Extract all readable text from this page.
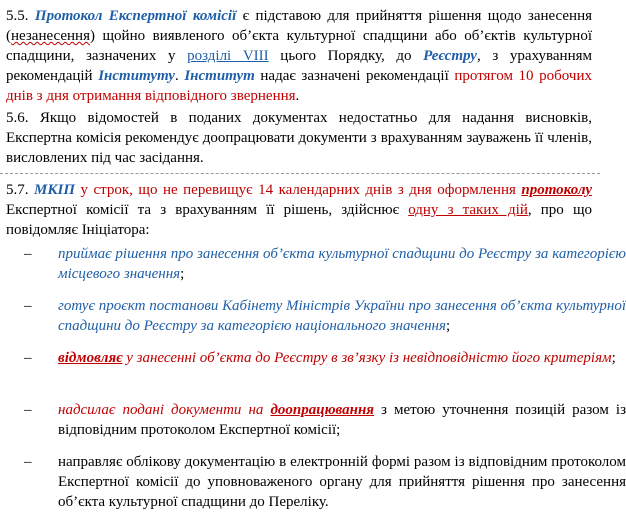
5.5. Протокол Експертної комісії є підставою для прийняття рішення щодо занесення (незанесення) щойно виявленого об’єкта культурної спадщини або об’єктів культурної спадщини, зазначених у розділі VIII цього Порядку, до Реєстру, з урахуванням рекомендацій Інституту. Інститут надає зазначені рекомендації протягом 10 робочих днів з дня отримання відповідного звернення.

5.6. Якщо відомостей в поданих документах недостатньо для надання висновків, Експертна комісія рекомендує доопрацювати документи з врахуванням зауважень її членів, висловлених під час засідання.

5.7. МКІП у строк, що не перевищує 14 календарних днів з дня оформлення протоколу Експертної комісії та з врахуванням її рішень, здійснює одну з таких дій, про що повідомляє Ініціатора:

– приймає рішення про занесення об’єкта культурної спадщини до Реєстру за категорією місцевого значення;

– готує проєкт постанови Кабінету Міністрів України про занесення об’єкта культурної спадщини до Реєстру за категорією національного значення;

– відмовляє у занесенні об’єкта до Реєстру в зв’язку із невідповідністю його критеріям;

– надсилає подані документи на доопрацювання з метою уточнення позицій разом із відповідним протоколом Експертної комісії;

– направляє облікову документацію в електронній формі разом із відповідним протоколом Експертної комісії до уповноваженого органу для прийняття рішення про занесення об’єкта культурної спадщини до Переліку.
